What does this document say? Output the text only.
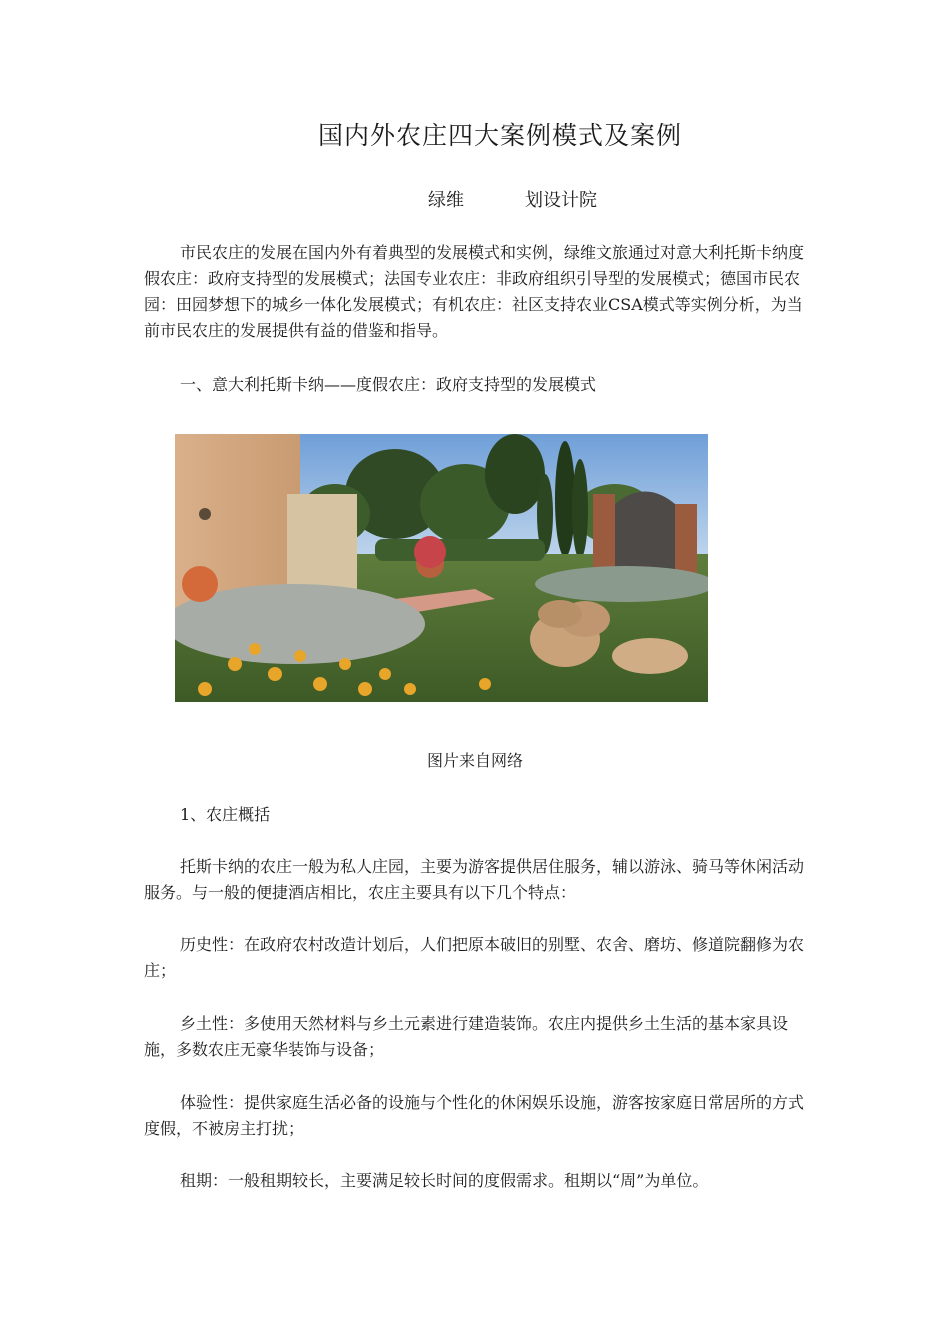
国内外农庄四大案例模式及案例
绿维	划设计院

市民农庄的发展在国内外有着典型的发展模式和实例，绿维文旅通过对意大利托斯卡纳度假农庄：政府支持型的发展模式；法国专业农庄：非政府组织引导型的发展模式；德国市民农园：田园梦想下的城乡一体化发展模式；有机农庄：社区支持农业CSA模式等实例分析，为当前市民农庄的发展提供有益的借鉴和指导。

一、意大利托斯卡纳——度假农庄：政府支持型的发展模式
图片来自网络
1、农庄概括

托斯卡纳的农庄一般为私人庄园，主要为游客提供居住服务，辅以游泳、骑马等休闲活动服务。与一般的便捷酒店相比，农庄主要具有以下几个特点：

历史性：在政府农村改造计划后，人们把原本破旧的别墅、农舍、磨坊、修道院翻修为农庄；

乡土性：多使用天然材料与乡土元素进行建造装饰。农庄内提供乡土生活的基本家具设施，多数农庄无豪华装饰与设备；

体验性：提供家庭生活必备的设施与个性化的休闲娱乐设施，游客按家庭日常居所的方式度假，不被房主打扰；

租期：一般租期较长，主要满足较长时间的度假需求。租期以“周”为单位。
